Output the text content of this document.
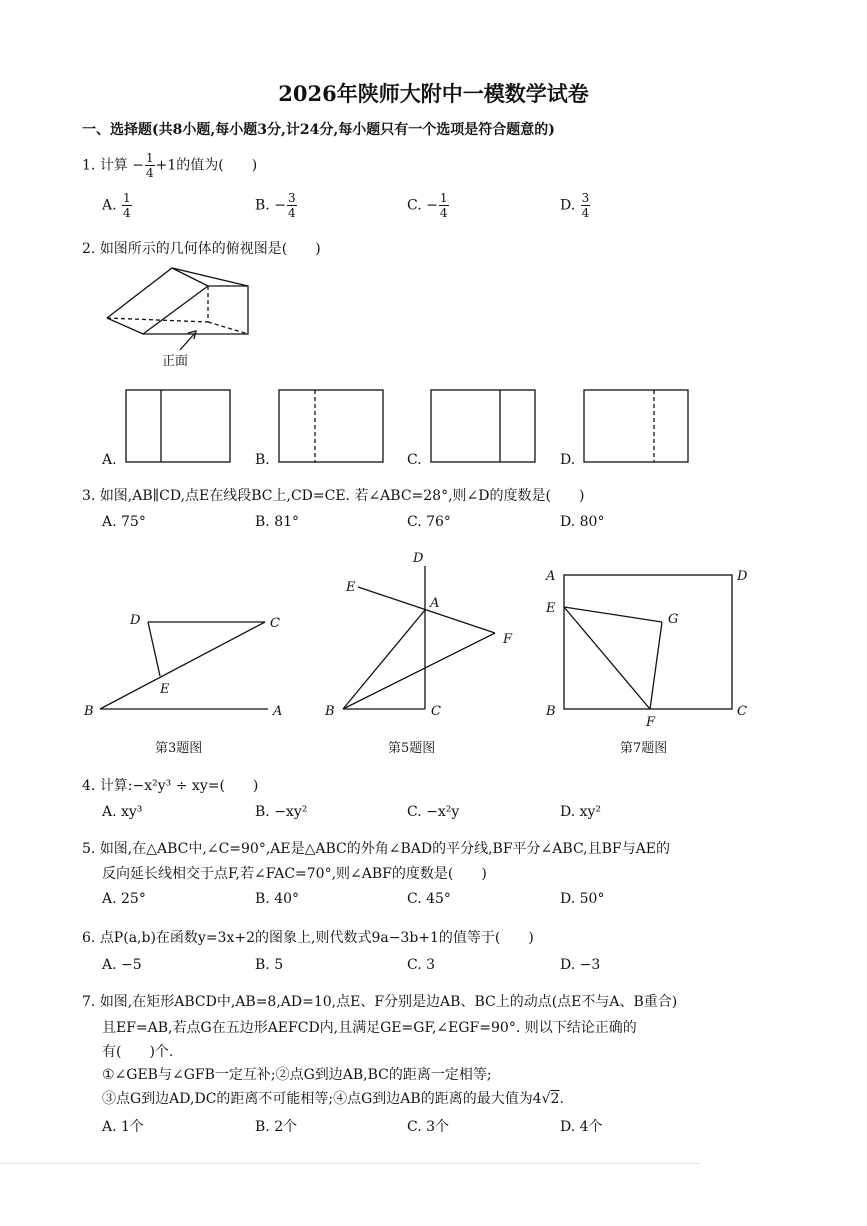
2026年陕师大附中一模数学试卷
一、选择题(共8小题,每小题3分,计24分,每小题只有一个选项是符合题意的)
1. 计算 − $\frac{1}{4} +1$的值为(　　)
A. $\frac{1}{4}$	B. − $\frac{3}{4}$	C. − $\frac{1}{4}$	D. $\frac{3}{4}$
2. 如图所示的几何体的俯视图是(　　)
正面
A.	B.	C.	D.
3. 如图,AB∥CD,点E在线段BC上,CD=CE. 若∠ABC=28°,则∠D的度数是(　　)
A. 75°	B. 81°	C. 76°	D. 80°
D	C
E
B	A
D
E
A
F
B	C
A	D
E
G
B
F
C
第3题图	第5题图	第7题图
4. 计算:−x²y³ ÷ xy=(　　)
A. xy³	B. −xy²	C. −x²y	D. xy²
5. 如图,在△ABC中,∠C=90°,AE是△ABC的外角∠BAD的平分线,BF平分∠ABC,且BF与AE的
反向延长线相交于点F,若∠FAC=70°,则∠ABF的度数是(　　)
A. 25°	B. 40°	C. 45°	D. 50°
6. 点P(a,b)在函数y=3x+2的图象上,则代数式9a−3b+1的值等于(　　)
A. −5	B. 5	C. 3	D. −3
7. 如图,在矩形ABCD中,AB=8,AD=10,点E、F分别是边AB、BC上的动点(点E不与A、B重合)
且EF=AB,若点G在五边形AEFCD内,且满足GE=GF,∠EGF=90°. 则以下结论正确的
有(　　)个.
①∠GEB与∠GFB一定互补;②点G到边AB,BC的距离一定相等;
③点G到边AD,DC的距离不可能相等;④点G到边AB的距离的最大值为4√2.
A. 1个	B. 2个	C. 3个	D. 4个
